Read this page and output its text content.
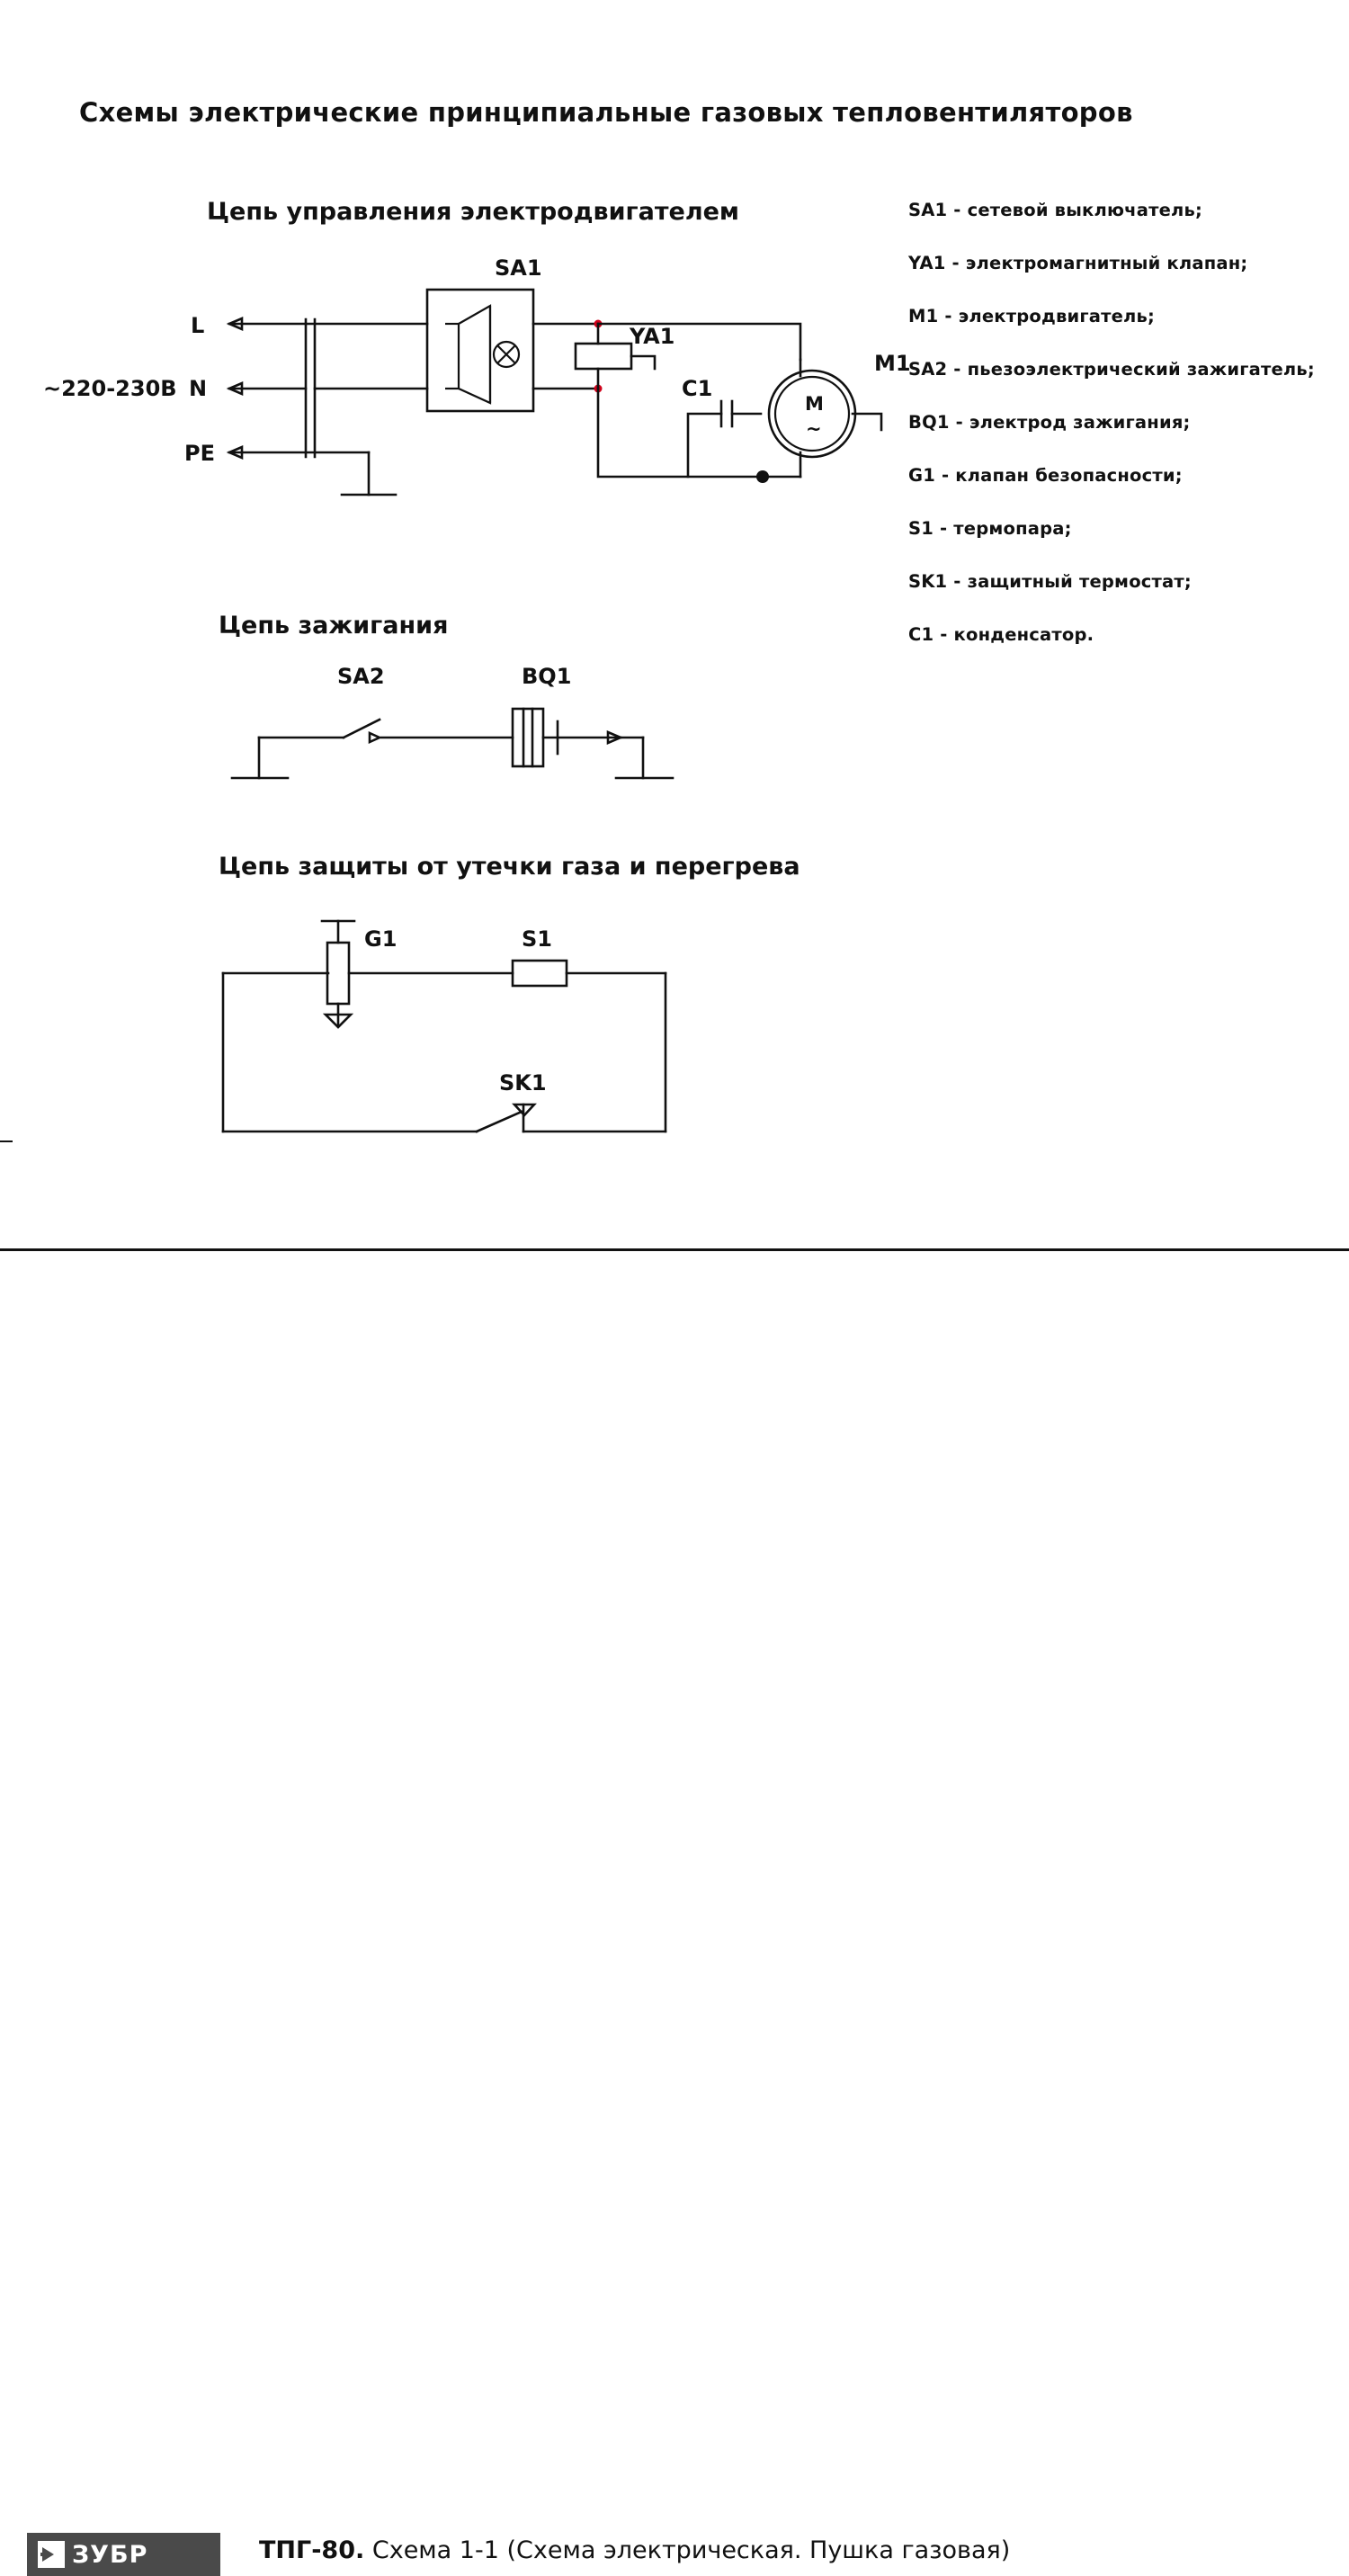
Схемы электрические принципиальные газовых тепловентиляторов
Цепь управления электродвигателем
~220-230В
L
N
PE
SA1
YA1
C1
M1
M
~
Цепь зажигания
SA2	BQ1
Цепь защиты от утечки газа и перегрева
G1	S1
SK1
SA1 - сетевой выключатель;
YA1 - электромагнитный клапан;
M1 - электродвигатель;
SA2 - пьезоэлектрический зажигатель;
BQ1 - электрод зажигания;
G1 - клапан безопасности;
S1 - термопара;
SK1 - защитный термостат;
C1 - конденсатор.
ЗУБР	ТПГ-80. Схема 1-1 (Схема электрическая. Пушка газовая)
